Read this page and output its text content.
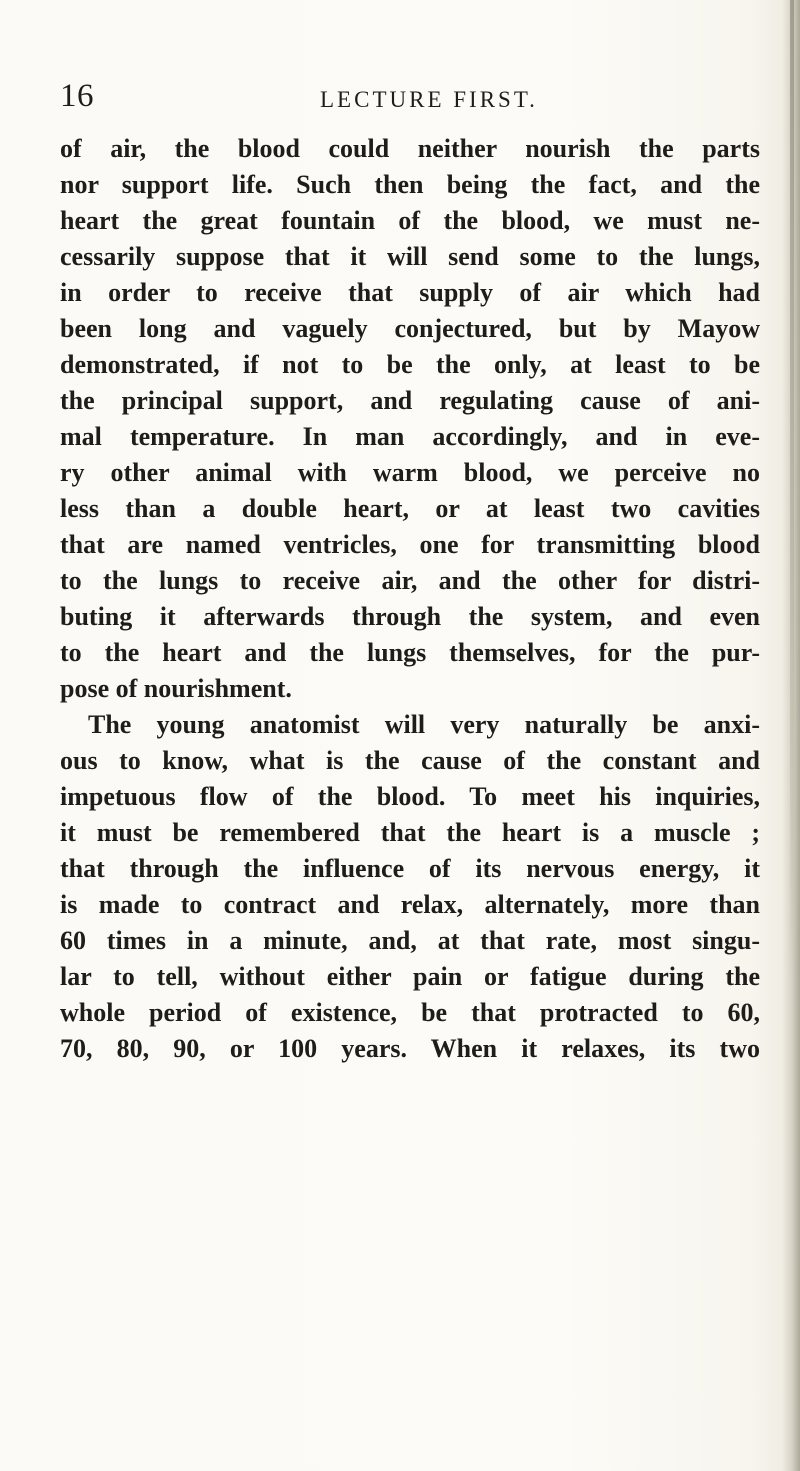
16	LECTURE FIRST.
of air, the blood could neither nourish the parts
nor support life. Such then being the fact, and the
heart the great fountain of the blood, we must ne-
cessarily suppose that it will send some to the lungs,
in order to receive that supply of air which had
been long and vaguely conjectured, but by Mayow
demonstrated, if not to be the only, at least to be
the principal support, and regulating cause of ani-
mal temperature. In man accordingly, and in eve-
ry other animal with warm blood, we perceive no
less than a double heart, or at least two cavities
that are named ventricles, one for transmitting blood
to the lungs to receive air, and the other for distri-
buting it afterwards through the system, and even
to the heart and the lungs themselves, for the pur-
pose of nourishment.
The young anatomist will very naturally be anxi-
ous to know, what is the cause of the constant and
impetuous flow of the blood. To meet his inquiries,
it must be remembered that the heart is a muscle ;
that through the influence of its nervous energy, it
is made to contract and relax, alternately, more than
60 times in a minute, and, at that rate, most singu-
lar to tell, without either pain or fatigue during the
whole period of existence, be that protracted to 60,
70, 80, 90, or 100 years. When it relaxes, its two
